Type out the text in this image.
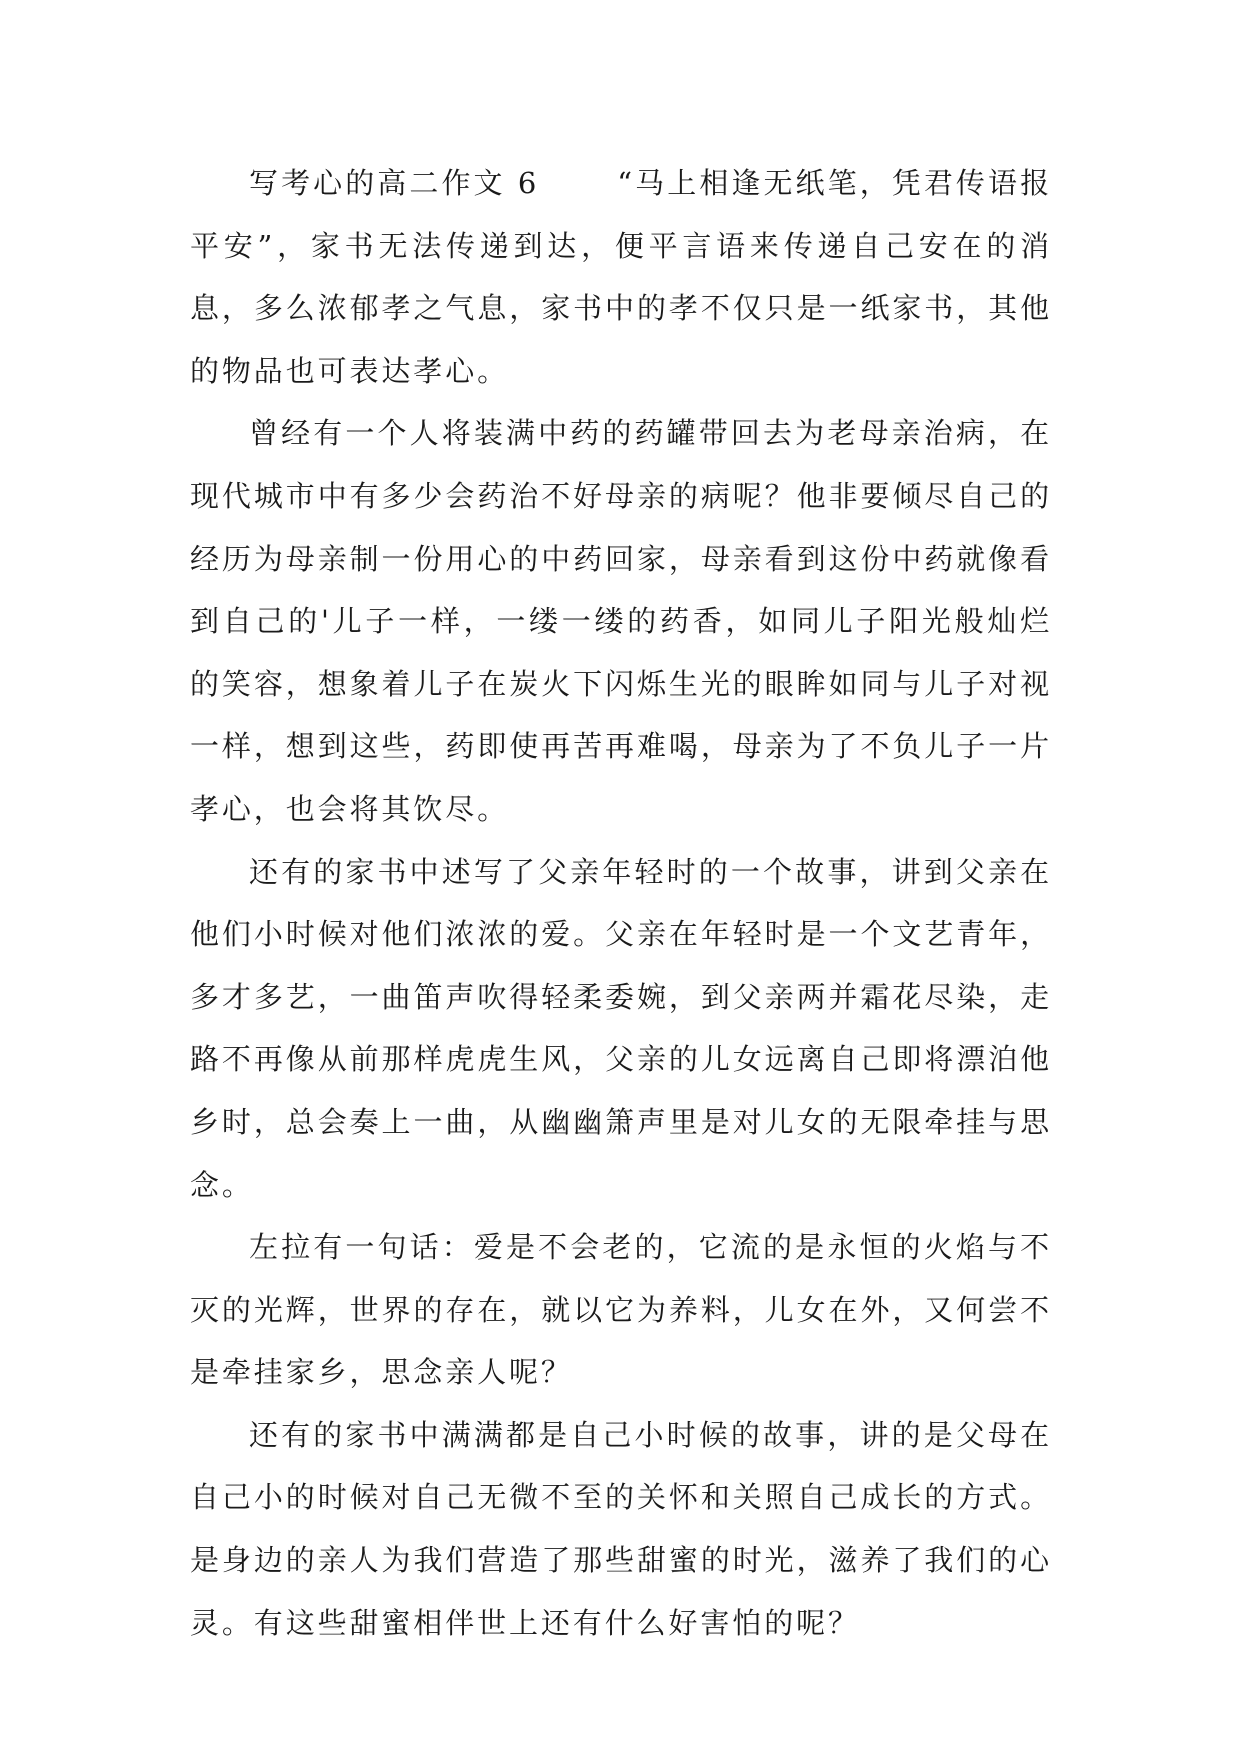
写考心的高二作文 6	“马上相逢无纸笔，凭君传语报平安”，家书无法传递到达，便平言语来传递自己安在的消息，多么浓郁孝之气息，家书中的孝不仅只是一纸家书，其他的物品也可表达孝心。

曾经有一个人将装满中药的药罐带回去为老母亲治病，在现代城市中有多少会药治不好母亲的病呢？他非要倾尽自己的经历为母亲制一份用心的中药回家，母亲看到这份中药就像看到自己的'儿子一样，一缕一缕的药香，如同儿子阳光般灿烂的笑容，想象着儿子在炭火下闪烁生光的眼眸如同与儿子对视一样，想到这些，药即使再苦再难喝，母亲为了不负儿子一片孝心，也会将其饮尽。

还有的家书中述写了父亲年轻时的一个故事，讲到父亲在他们小时候对他们浓浓的爱。父亲在年轻时是一个文艺青年，多才多艺，一曲笛声吹得轻柔委婉，到父亲两并霜花尽染，走路不再像从前那样虎虎生风，父亲的儿女远离自己即将漂泊他乡时，总会奏上一曲，从幽幽箫声里是对儿女的无限牵挂与思念。

左拉有一句话：爱是不会老的，它流的是永恒的火焰与不灭的光辉，世界的存在，就以它为养料，儿女在外，又何尝不是牵挂家乡，思念亲人呢？

还有的家书中满满都是自己小时候的故事，讲的是父母在自己小的时候对自己无微不至的关怀和关照自己成长的方式。是身边的亲人为我们营造了那些甜蜜的时光，滋养了我们的心灵。有这些甜蜜相伴世上还有什么好害怕的呢？
